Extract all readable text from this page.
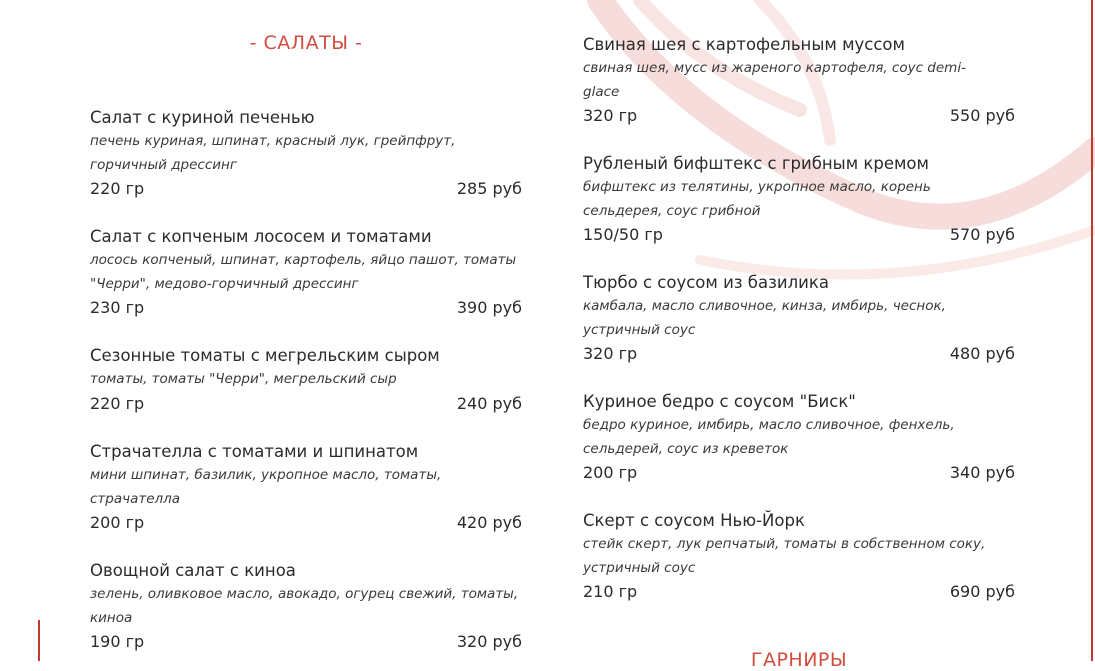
- САЛАТЫ -
Салат с куриной печенью
печень куриная, шпинат, красный лук, грейпфрут, горчичный дрессинг
220 гр	285 руб
Салат с копченым лососем и томатами
лосось копченый, шпинат, картофель, яйцо пашот, томаты "Черри", медово-горчичный дрессинг
230 гр	390 руб
Сезонные томаты с мегрельским сыром
томаты, томаты "Черри", мегрельский сыр
220 гр	240 руб
Страчателла с томатами и шпинатом
мини шпинат, базилик, укропное масло, томаты, страчателла
200 гр	420 руб
Овощной салат с киноа
зелень, оливковое масло, авокадо, огурец свежий, томаты, киноа
190 гр	320 руб
Свиная шея с картофельным муссом
свиная шея, мусс из жареного картофеля, соус demi-glace
320 гр	550 руб
Рубленый бифштекс с грибным кремом
бифштекс из телятины, укропное масло, корень сельдерея, соус грибной
150/50 гр	570 руб
Тюрбо с соусом из базилика
камбала, масло сливочное, кинза, имбирь, чеснок, устричный соус
320 гр	480 руб
Куриное бедро с соусом "Биск"
бедро куриное, имбирь, масло сливочное, фенхель, сельдерей, соус из креветок
200 гр	340 руб
Скерт с соусом Нью-Йорк
стейк скерт, лук репчатый, томаты в собственном соку, устричный соус
210 гр	690 руб
ГАРНИРЫ
